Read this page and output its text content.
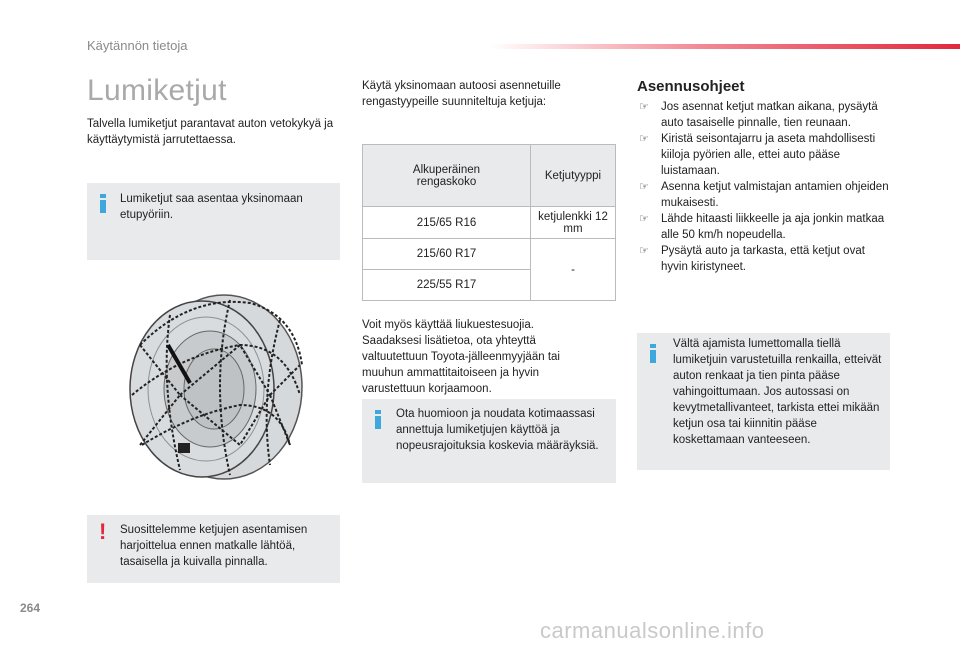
Käytännön tietoja
Lumiketjut
Talvella lumiketjut parantavat auton vetokykyä ja käyttäytymistä jarrutettaessa.
Lumiketjut saa asentaa yksinomaan etupyöriin.
! Suosittelemme ketjujen asentamisen harjoittelua ennen matkalle lähtöä, tasaisella ja kuivalla pinnalla.
Käytä yksinomaan autoosi asennetuille rengastyypeille suunniteltuja ketjuja:
Alkuperäinen rengaskoko	Ketjutyyppi
215/65 R16	ketjulenkki 12 mm
215/60 R17	-
225/55 R17	
Voit myös käyttää liukuestesuojia. Saadaksesi lisätietoa, ota yhteyttä valtuutettuun Toyota-jälleenmyyjään tai muuhun ammattitaitoiseen ja hyvin varustettuun korjaamoon.
Ota huomioon ja noudata kotimaassasi annettuja lumiketjujen käyttöä ja nopeusrajoituksia koskevia määräyksiä.
Asennusohjeet
☞ Jos asennat ketjut matkan aikana, pysäytä auto tasaiselle pinnalle, tien reunaan.
☞ Kiristä seisontajarru ja aseta mahdollisesti kiiloja pyörien alle, ettei auto pääse luistamaan.
☞ Asenna ketjut valmistajan antamien ohjeiden mukaisesti.
☞ Lähde hitaasti liikkeelle ja aja jonkin matkaa alle 50 km/h nopeudella.
☞ Pysäytä auto ja tarkasta, että ketjut ovat hyvin kiristyneet.
Vältä ajamista lumettomalla tiellä lumiketjuin varustetuilla renkailla, etteivät auton renkaat ja tien pinta pääse vahingoittumaan. Jos autossasi on kevytmetallivanteet, tarkista ettei mikään ketjun osa tai kiinnitin pääse koskettamaan vanteeseen.
264
carmanualsonline.info
